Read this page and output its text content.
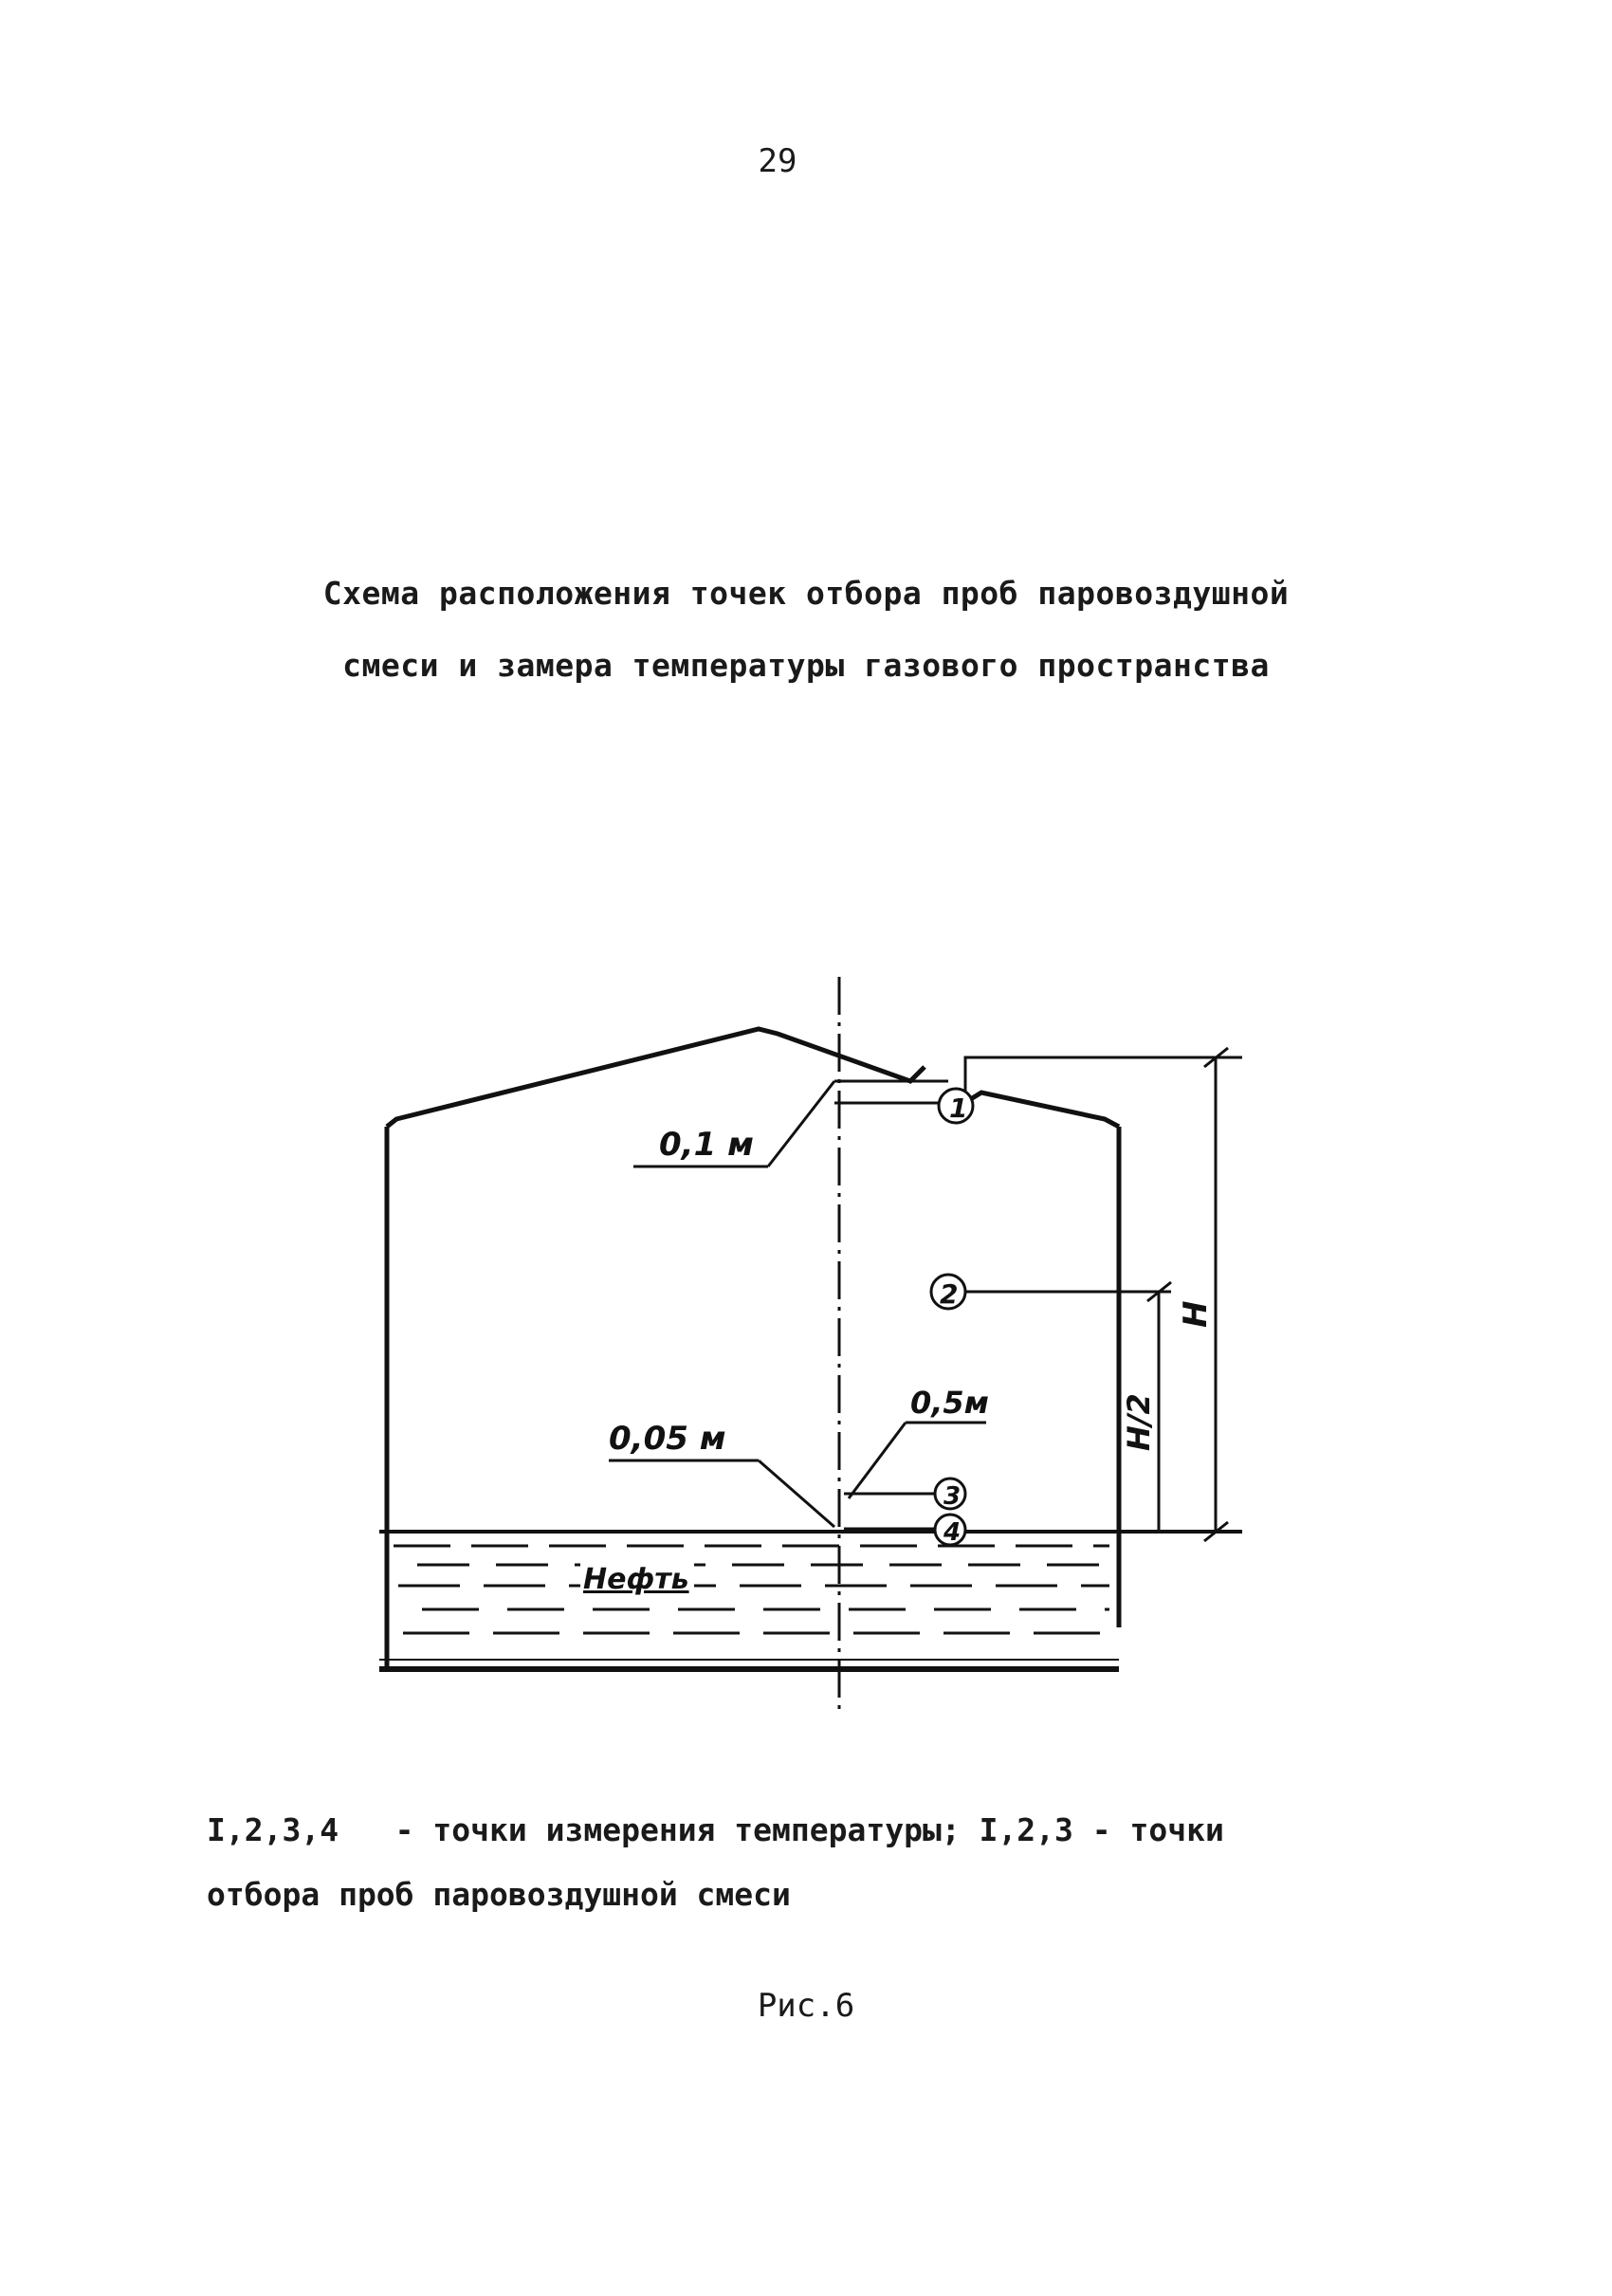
29
Схема расположения точек отбора проб паровоздушной
смеси и замера температуры газового пространства
0,1 м
1
2
Н
Н/2
0,05 м
0,5м
3
4
Нефть
I,2,3,4   - точки измерения температуры; I,2,3 - точки
отбора проб паровоздушной смеси
Рис.6
